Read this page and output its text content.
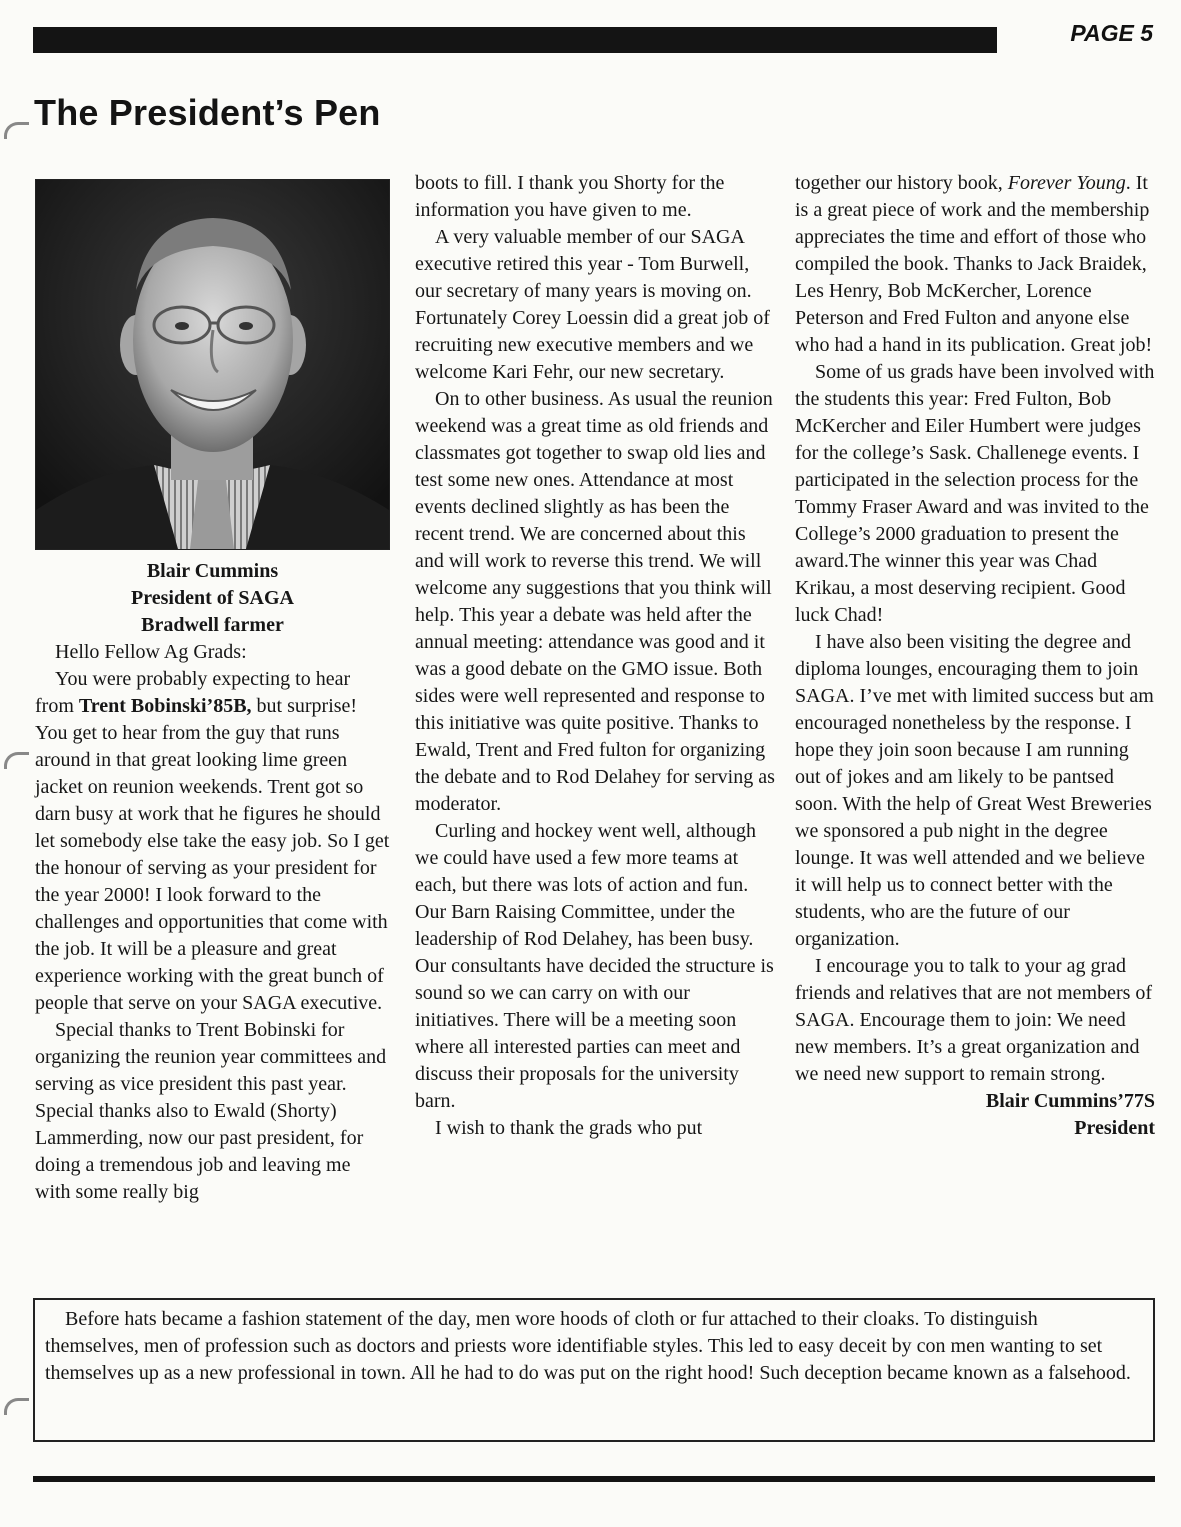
PAGE 5
The President’s Pen

Blair Cummins

President of SAGA

Bradwell farmer

Hello Fellow Ag Grads:

You were probably expecting to hear from Trent Bobinski’85B, but surprise! You get to hear from the guy that runs around in that great looking lime green jacket on reunion weekends. Trent got so darn busy at work that he figures he should let somebody else take the easy job. So I get the honour of serving as your president for the year 2000! I look forward to the challenges and opportunities that come with the job. It will be a pleasure and great experience working with the great bunch of people that serve on your SAGA executive.

Special thanks to Trent Bobinski for organizing the reunion year committees and serving as vice president this past year. Special thanks also to Ewald (Shorty) Lammerding, now our past president, for doing a tremendous job and leaving me with some really big

boots to fill. I thank you Shorty for the information you have given to me.

A very valuable member of our SAGA executive retired this year - Tom Burwell, our secretary of many years is moving on. Fortunately Corey Loessin did a great job of recruiting new executive members and we welcome Kari Fehr, our new secretary.

On to other business. As usual the reunion weekend was a great time as old friends and classmates got together to swap old lies and test some new ones. Attendance at most events declined slightly as has been the recent trend. We are concerned about this and will work to reverse this trend. We will welcome any suggestions that you think will help. This year a debate was held after the annual meeting: attendance was good and it was a good debate on the GMO issue. Both sides were well represented and response to this initiative was quite positive. Thanks to Ewald, Trent and Fred fulton for organizing the debate and to Rod Delahey for serving as moderator.

Curling and hockey went well, although we could have used a few more teams at each, but there was lots of action and fun. Our Barn Raising Committee, under the leadership of Rod Delahey, has been busy. Our consultants have decided the structure is sound so we can carry on with our initiatives. There will be a meeting soon where all interested parties can meet and discuss their proposals for the university barn.

I wish to thank the grads who put

together our history book, Forever Young. It is a great piece of work and the membership appreciates the time and effort of those who compiled the book. Thanks to Jack Braidek, Les Henry, Bob McKercher, Lorence Peterson and Fred Fulton and anyone else who had a hand in its publication. Great job!

Some of us grads have been involved with the students this year: Fred Fulton, Bob McKercher and Eiler Humbert were judges for the college’s Sask. Challenege events. I participated in the selection process for the Tommy Fraser Award and was invited to the College’s 2000 graduation to present the award.The winner this year was Chad Krikau, a most deserving recipient. Good luck Chad!

I have also been visiting the degree and diploma lounges, encouraging them to join SAGA. I’ve met with limited success but am encouraged nonetheless by the response. I hope they join soon because I am running out of jokes and am likely to be pantsed soon. With the help of Great West Breweries we sponsored a pub night in the degree lounge. It was well attended and we believe it will help us to connect better with the students, who are the future of our organization.

I encourage you to talk to your ag grad friends and relatives that are not members of SAGA. Encourage them to join: We need new members. It’s a great organization and we need new support to remain strong.

Blair Cummins’77S

President

Before hats became a fashion statement of the day, men wore hoods of cloth or fur attached to their cloaks. To distinguish themselves, men of profession such as doctors and priests wore identifiable styles. This led to easy deceit by con men wanting to set themselves up as a new professional in town. All he had to do was put on the right hood! Such deception became known as a falsehood.
